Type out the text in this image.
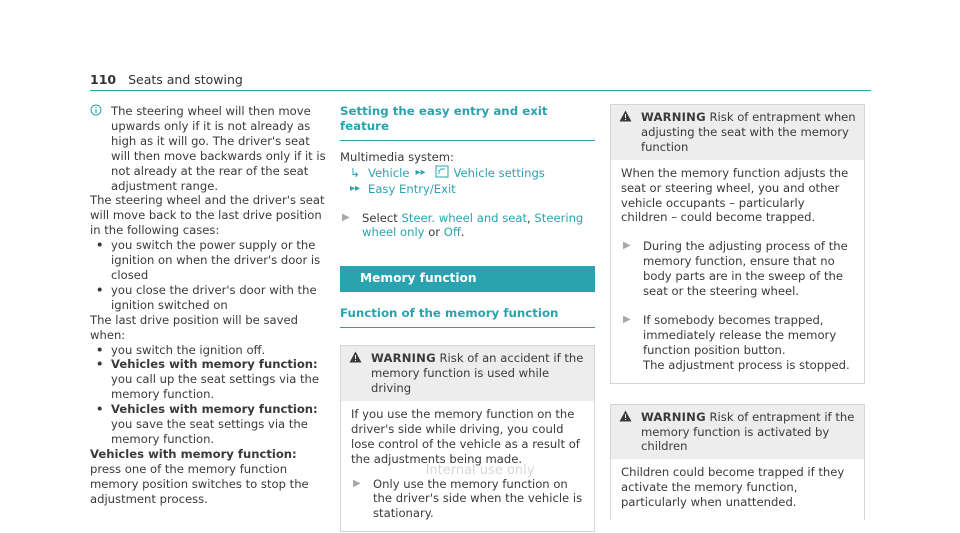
110 Seats and stowing

The steering wheel will then move upwards only if it is not already as high as it will go. The driver's seat will then move backwards only if it is not already at the rear of the seat adjustment range.

The steering wheel and the driver's seat will move back to the last drive position in the following cases:

• you switch the power supply or the ignition on when the driver's door is closed
• you close the driver's door with the ignition switched on

The last drive position will be saved when:

• you switch the ignition off.
• Vehicles with memory function: you call up the seat settings via the memory function.
• Vehicles with memory function: you save the seat settings via the memory function.

Vehicles with memory function: press one of the memory function memory position switches to stop the adjustment process.

Setting the easy entry and exit feature

Multimedia system:

↳ Vehicle ▸▸	Vehicle settings
▸▸ Easy Entry/Exit
▶	Select Steer. wheel and seat, Steering wheel only or Off.

Memory function
Function of the memory function

WARNING Risk of an accident if the memory function is used while driving

If you use the memory function on the driver's side while driving, you could lose control of the vehicle as a result of the adjustments being made.

▶	Only use the memory function on the driver's side when the vehicle is stationary.

WARNING Risk of entrapment when adjusting the seat with the memory function

When the memory function adjusts the seat or steering wheel, you and other vehicle occupants – particularly children – could become trapped.

▶	During the adjusting process of the memory function, ensure that no body parts are in the sweep of the seat or the steering wheel.

▶	If somebody becomes trapped, immediately release the memory function position button.
The adjustment process is stopped.

WARNING Risk of entrapment if the memory function is activated by children

Children could become trapped if they activate the memory function, particularly when unattended.

Internal use only
